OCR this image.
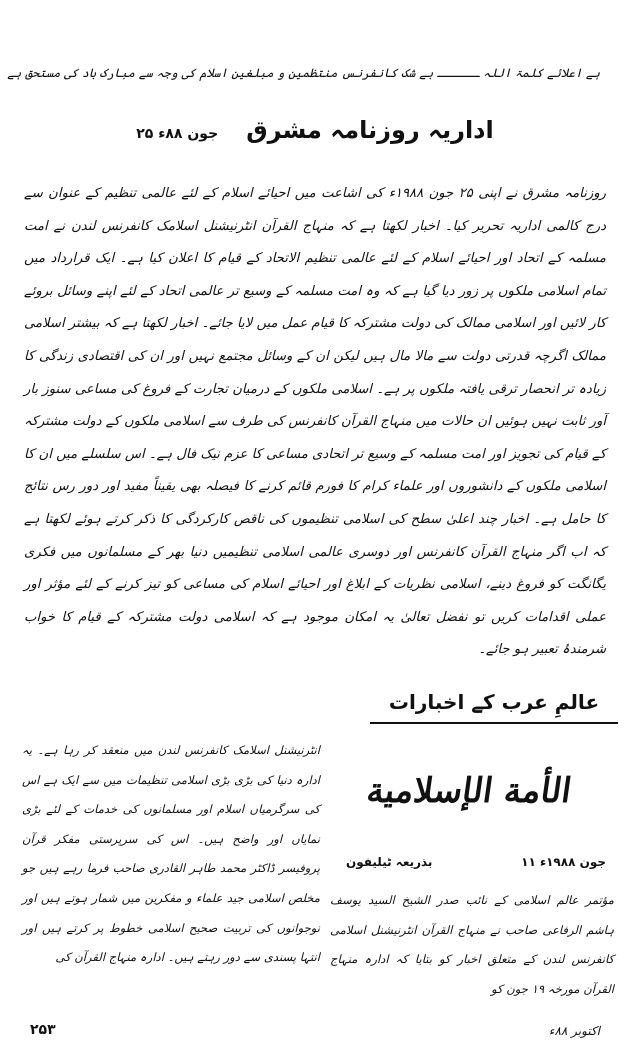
ہے اعلائے کلمۃ اللہ ــــــ بے شک کانفرنس منتظمین و مبلغین اسلام کی وجہ سے مبارک باد کی مستحق ہے
اداریہ روزنامہ مشرق
۲۵ جون ۸۸ء

روزنامہ مشرق نے اپنی ۲۵ جون ۱۹۸۸ء کی اشاعت میں احیائے اسلام کے لئے عالمی تنظیم کے عنوان سے درج کالمی اداریہ تحریر کیا۔ اخبار لکھتا ہے کہ منہاج القرآن انٹرنیشنل اسلامک کانفرنس لندن نے امت مسلمہ کے اتحاد اور احیائے اسلام کے لئے عالمی تنظیم الاتحاد کے قیام کا اعلان کیا ہے۔ ایک قرارداد میں تمام اسلامی ملکوں پر زور دیا گیا ہے کہ وہ امت مسلمہ کے وسیع تر عالمی اتحاد کے لئے اپنے وسائل بروئے کار لائیں اور اسلامی ممالک کی دولت مشترکہ کا قیام عمل میں لایا جائے۔ اخبار لکھتا ہے کہ بیشتر اسلامی ممالک اگرچہ قدرتی دولت سے مالا مال ہیں لیکن ان کے وسائل مجتمع نہیں اور ان کی اقتصادی زندگی کا زیادہ تر انحصار ترقی یافتہ ملکوں پر ہے۔ اسلامی ملکوں کے درمیان تجارت کے فروغ کی مساعی سنوز بار آور ثابت نہیں ہوئیں ان حالات میں منہاج القرآن کانفرنس کی طرف سے اسلامی ملکوں کے دولت مشترکہ کے قیام کی تجویز اور امت مسلمہ کے وسیع تر اتحادی مساعی کا عزم نیک فال ہے۔ اس سلسلے میں ان کا اسلامی ملکوں کے دانشوروں اور علماء کرام کا فورم قائم کرنے کا فیصلہ بھی یقیناً مفید اور دور رس نتائج کا حامل ہے۔ اخبار چند اعلیٰ سطح کی اسلامی تنظیموں کی ناقص کارکردگی کا ذکر کرتے ہوئے لکھتا ہے کہ اب اگر منہاج القرآن کانفرنس اور دوسری عالمی اسلامی تنظیمیں دنیا بھر کے مسلمانوں میں فکری یگانگت کو فروغ دینے، اسلامی نظریات کے ابلاغ اور احیائے اسلام کی مساعی کو تیز کرنے کے لئے مؤثر اور عملی اقدامات کریں تو نفضل تعالیٰ یہ امکان موجود ہے کہ اسلامی دولت مشترکہ کے قیام کا خواب شرمندۂ تعبیر ہو جائے۔

عالمِ عرب کے اخبارات

انٹرنیشنل اسلامک کانفرنس لندن میں منعقد کر رہا ہے۔ یہ ادارہ دنیا کی بڑی بڑی اسلامی تنظیمات میں سے ایک ہے اس کی سرگرمیاں اسلام اور مسلمانوں کی خدمات کے لئے بڑی نمایاں اور واضح ہیں۔ اس کی سرپرستی مفکر قرآن پروفیسر ڈاکٹر محمد طاہر القادری صاحب فرما رہے ہیں جو مخلص اسلامی جید علماء و مفکرین میں شمار ہوتے ہیں اور نوجوانوں کی تربیت صحیح اسلامی خطوط پر کرتے ہیں اور انتہا پسندی سے دور رہتے ہیں۔ ادارہ منہاج القرآن کی

الأمة الإسلامية
۱۱ جون ۱۹۸۸ء
بذریعہ ٹیلیفون

مؤتمر عالم اسلامی کے نائب صدر الشیخ السید یوسف ہاشم الرفاعی صاحب نے منہاج القرآن انٹرنیشنل اسلامی کانفرنس لندن کے متعلق اخبار کو بتایا کہ ادارہ منہاج القرآن مورخہ ۱۹ جون کو

۲۵۳	اکتوبر ۸۸ء
